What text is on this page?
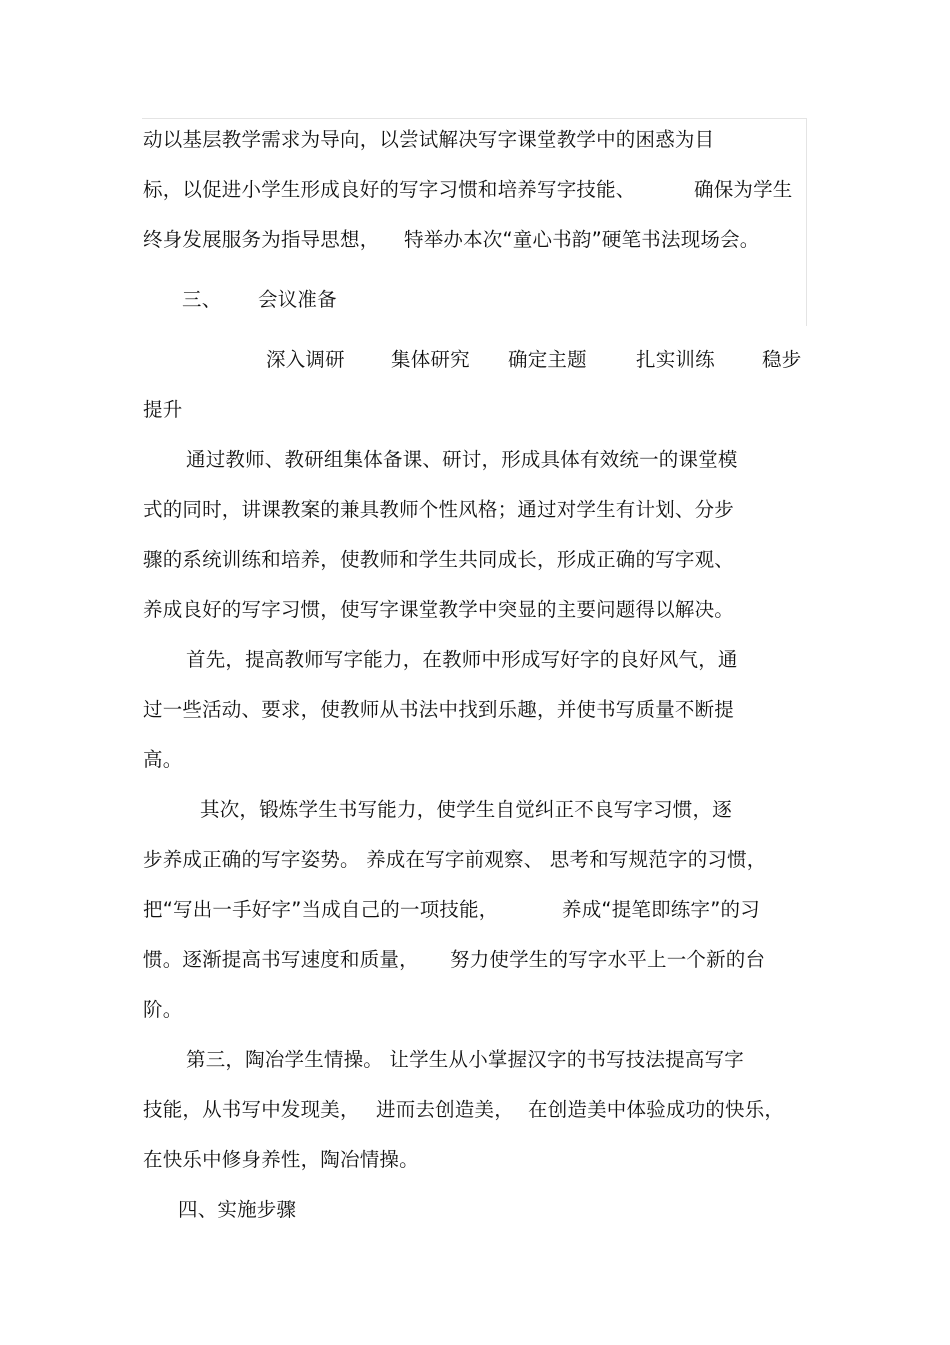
动以基层教学需求为导向，以尝试解决写字课堂教学中的困惑为目
标，以促进小学生形成良好的写字习惯和培养写字技能、	确保为学生
终身发展服务为指导思想， 特举办本次“童心书韵”硬笔书法现场会。
三、 会议准备
深入调研 集体研究 确定主题	扎实训练 稳步
提升
通过教师、教研组集体备课、研讨，形成具体有效统一的课堂模
式的同时，讲课教案的兼具教师个性风格；通过对学生有计划、分步
骤的系统训练和培养，使教师和学生共同成长，形成正确的写字观、
养成良好的写字习惯，使写字课堂教学中突显的主要问题得以解决。
首先，提高教师写字能力，在教师中形成写好字的良好风气，通
过一些活动、要求，使教师从书法中找到乐趣，并使书写质量不断提
高。
其次，锻炼学生书写能力，使学生自觉纠正不良写字习惯，逐
步养成正确的写字姿势。 养成在写字前观察、 思考和写规范字的习惯，
把“写出一手好字”当成自己的一项技能，	养成“提笔即练字”的习
惯。逐渐提高书写速度和质量， 努力使学生的写字水平上一个新的台
阶。
第三，陶冶学生情操。 让学生从小掌握汉字的书写技法提高写字
技能，从书写中发现美， 进而去创造美， 在创造美中体验成功的快乐，
在快乐中修身养性，陶冶情操。
四、实施步骤
